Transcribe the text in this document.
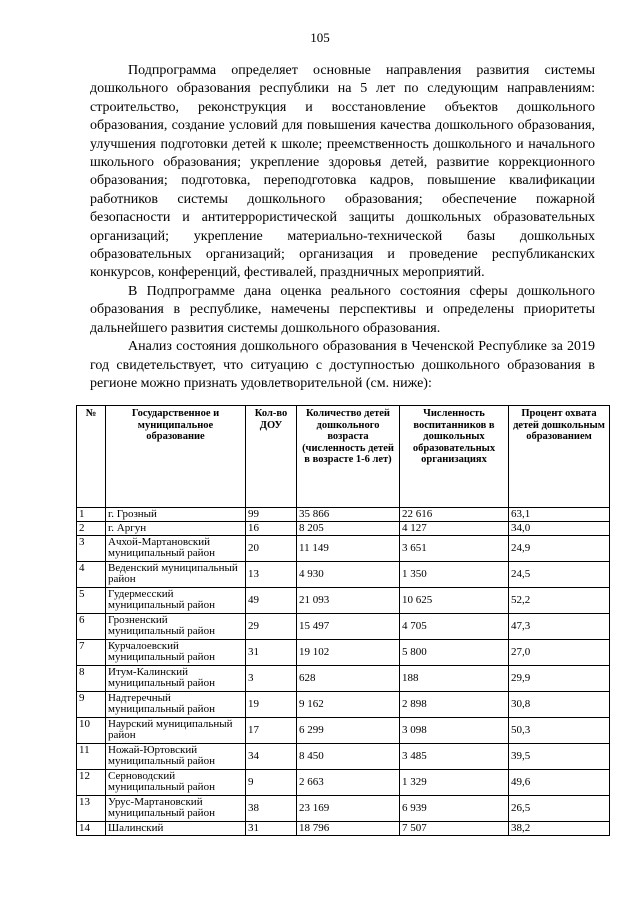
105

Подпрограмма определяет основные направления развития системы дошкольного образования республики на 5 лет по следующим направлениям: строительство, реконструкция и восстановление объектов дошкольного образования, создание условий для повышения качества дошкольного образования, улучшения подготовки детей к школе; преемственность дошкольного и начального школьного образования; укрепление здоровья детей, развитие коррекционного образования; подготовка, переподготовка кадров, повышение квалификации работников системы дошкольного образования; обеспечение пожарной безопасности и антитеррористической защиты дошкольных образовательных организаций; укрепление материально-технической базы дошкольных образовательных организаций; организация и проведение республиканских конкурсов, конференций, фестивалей, праздничных мероприятий.

В Подпрограмме дана оценка реального состояния сферы дошкольного образования в республике, намечены перспективы и определены приоритеты дальнейшего развития системы дошкольного образования.

Анализ состояния дошкольного образования в Чеченской Республике за 2019 год свидетельствует, что ситуацию с доступностью дошкольного образования в регионе можно признать удовлетворительной (см. ниже):

№	Государственное и муниципальное образование	Кол-во ДОУ	Количество детей дошкольного возраста (численность детей в возрасте 1-6 лет)	Численность воспитанников в дошкольных образовательных организациях	Процент охвата детей дошкольным образованием
1	г. Грозный	99	35 866	22 616	63,1
2	г. Аргун	16	8 205	4 127	34,0
3	Ачхой-Мартановский муниципальный район	20	11 149	3 651	24,9
4	Веденский муниципальный район	13	4 930	1 350	24,5
5	Гудермесский муниципальный район	49	21 093	10 625	52,2
6	Грозненский муниципальный район	29	15 497	4 705	47,3
7	Курчалоевский муниципальный район	31	19 102	5 800	27,0
8	Итум-Калинский муниципальный район	3	628	188	29,9
9	Надтеречный муниципальный район	19	9 162	2 898	30,8
10	Наурский муниципальный район	17	6 299	3 098	50,3
11	Ножай-Юртовский муниципальный район	34	8 450	3 485	39,5
12	Серноводский муниципальный район	9	2 663	1 329	49,6
13	Урус-Мартановский муниципальный район	38	23 169	6 939	26,5
14	Шалинский	31	18 796	7 507	38,2
